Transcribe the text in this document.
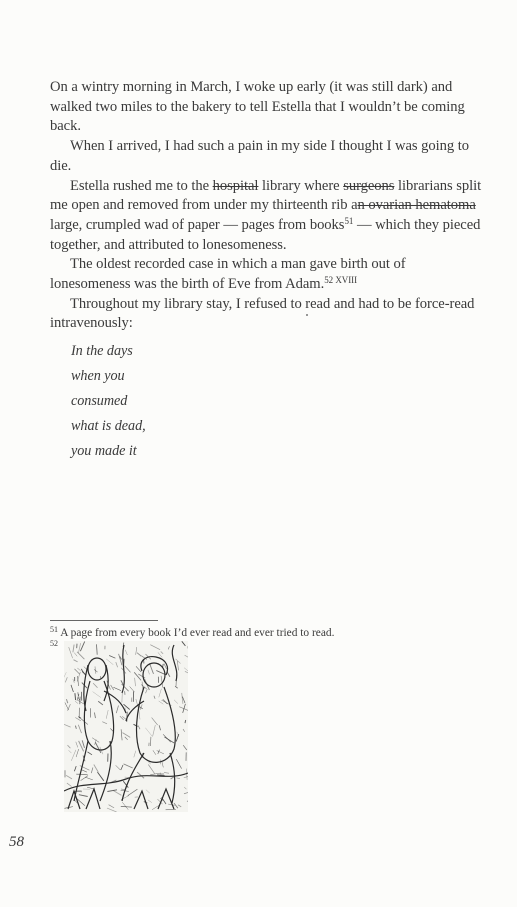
On a wintry morning in March, I woke up early (it was still dark) and walked two miles to the bakery to tell Estella that I wouldn’t be coming back.

When I arrived, I had such a pain in my side I thought I was going to die.

Estella rushed me to the hospital library where surgeons librarians split me open and removed from under my thirteenth rib an ovarian hematoma large, crumpled wad of paper — pages from books$^{51}$ — which they pieced together, and attributed to lonesomeness.

The oldest recorded case in which a man gave birth out of lonesomeness was the birth of Eve from Adam.$^{52 XVIII}$

Throughout my library stay, I refused to read and had to be force-read intravenously:

In the days
when you
consumed
what is dead,
you made it
$^{51}$ A page from every book I’d ever read and ever tried to read.
$^{52}$
58
